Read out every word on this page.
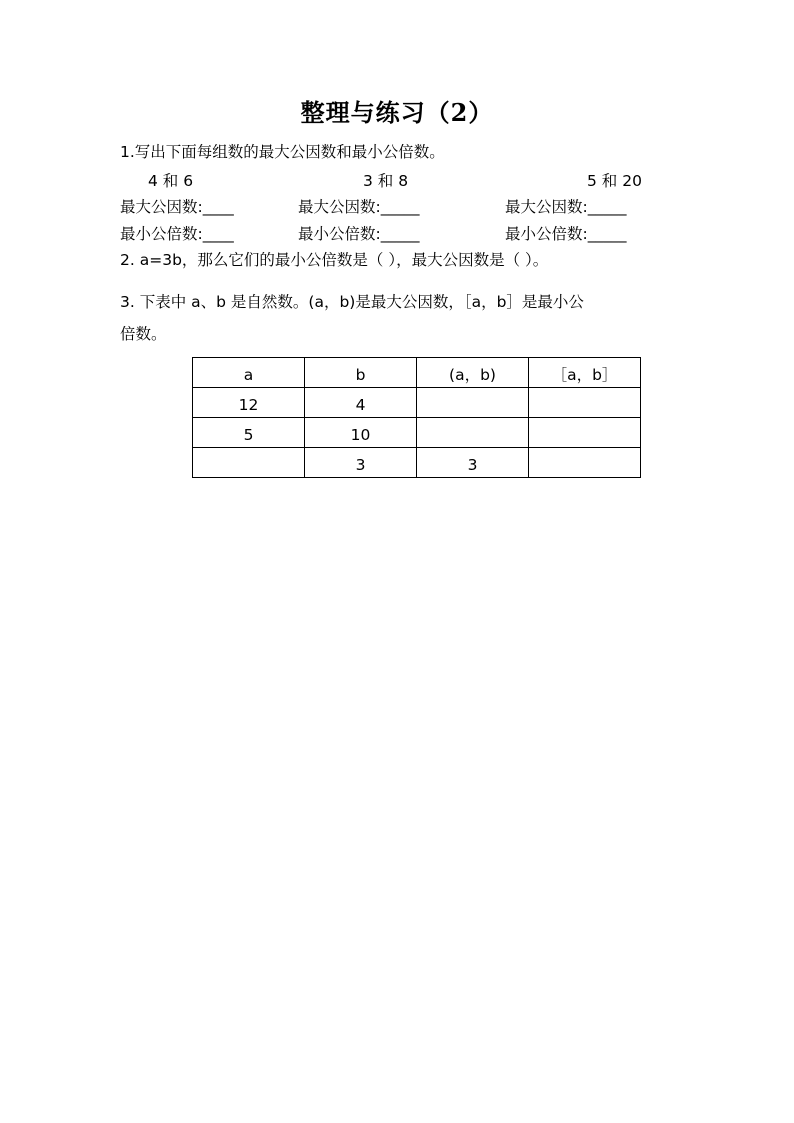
整理与练习（2）
1.写出下面每组数的最大公因数和最小公倍数。
4 和 6	3 和 8	5 和 20
最大公因数:____	最大公因数:_____	最大公因数:_____
最小公倍数:____	最小公倍数:_____	最小公倍数:_____
2. a=3b，那么它们的最小公倍数是（ ），最大公因数是（ ）。
3. 下表中 a、b 是自然数。(a，b)是最大公因数，［a，b］是最小公
倍数。
a	b	(a，b)	［a，b］
12	4		
5	10		
	3	3	
